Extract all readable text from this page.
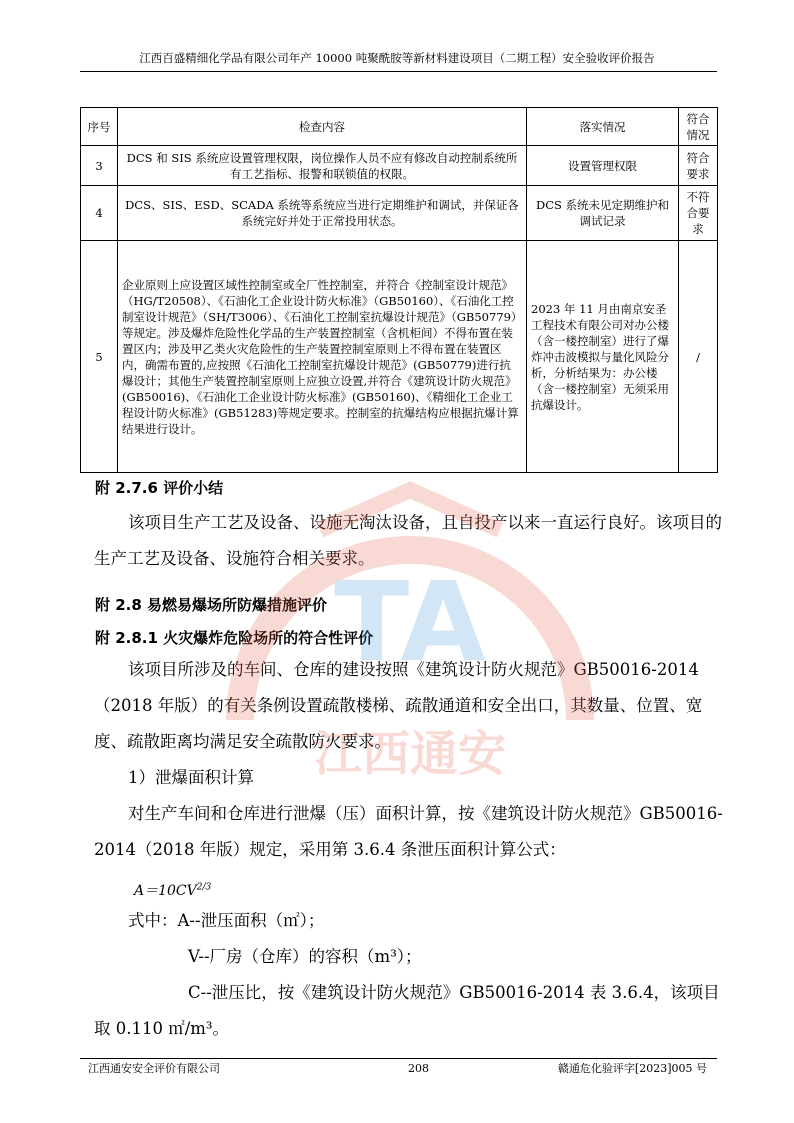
江西百盛精细化学品有限公司年产 10000 吨聚酰胺等新材料建设项目（二期工程）安全验收评价报告
序号	检查内容	落实情况	符合情况
3	DCS 和 SIS 系统应设置管理权限，岗位操作人员不应有修改自动控制系统所有工艺指标、报警和联锁值的权限。	设置管理权限	符合要求
4	DCS、SIS、ESD、SCADA 系统等系统应当进行定期维护和调试，并保证各系统完好并处于正常投用状态。	DCS 系统未见定期维护和调试记录	不符合要求
5	企业原则上应设置区域性控制室或全厂性控制室，并符合《控制室设计规范》（HG/T20508）、《石油化工企业设计防火标准》（GB50160）、《石油化工控制室设计规范》（SH/T3006）、《石油化工控制室抗爆设计规范》（GB50779）等规定。涉及爆炸危险性化学品的生产装置控制室（含机柜间）不得布置在装置区内；涉及甲乙类火灾危险性的生产装置控制室原则上不得布置在装置区内，确需布置的,应按照《石油化工控制室抗爆设计规范》(GB50779)进行抗爆设计；其他生产装置控制室原则上应独立设置,并符合《建筑设计防火规范》(GB50016)、《石油化工企业设计防火标准》(GB50160)、《精细化工企业工程设计防火标准》(GB51283)等规定要求。控制室的抗爆结构应根据抗爆计算结果进行设计。	2023 年 11 月由南京安圣工程技术有限公司对办公楼（含一楼控制室）进行了爆炸冲击波模拟与量化风险分析，分析结果为：办公楼（含一楼控制室）无须采用抗爆设计。	/
附 2.7.6 评价小结

该项目生产工艺及设备、设施无淘汰设备，且自投产以来一直运行良好。该项目的生产工艺及设备、设施符合相关要求。

附 2.8 易燃易爆场所防爆措施评价
附 2.8.1 火灾爆炸危险场所的符合性评价

该项目所涉及的车间、仓库的建设按照《建筑设计防火规范》GB50016-2014（2018 年版）的有关条例设置疏散楼梯、疏散通道和安全出口，其数量、位置、宽度、疏散距离均满足安全疏散防火要求。

1）泄爆面积计算

对生产车间和仓库进行泄爆（压）面积计算，按《建筑设计防火规范》GB50016-2014（2018 年版）规定，采用第 3.6.4 条泄压面积计算公式：

$A=10CV^{2/3}$

式中：A--泄压面积（㎡）；

V--厂房（仓库）的容积（m³）；

C--泄压比，按《建筑设计防火规范》GB50016-2014 表 3.6.4，该项目取 0.110 ㎡/m³。

TA
江西通安
江西通安安全评价有限公司	208	赣通危化验评字[2023]005 号
